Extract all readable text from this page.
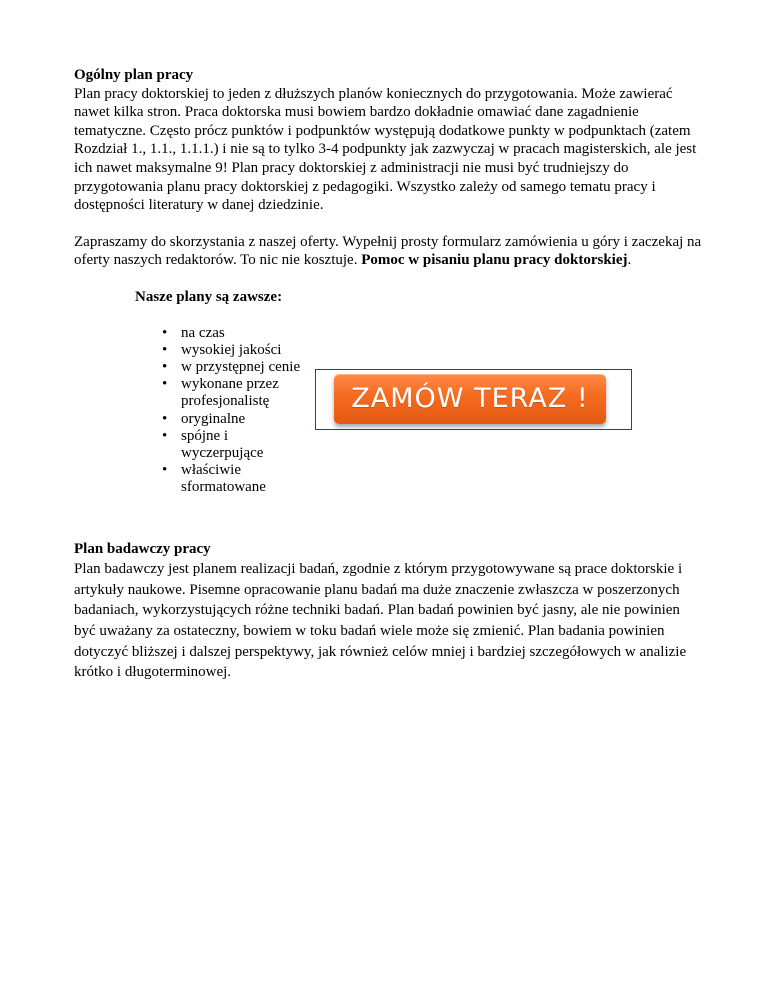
Ogólny plan pracy

Plan pracy doktorskiej to jeden z dłuższych planów koniecznych do przygotowania. Może zawierać nawet kilka stron. Praca doktorska musi bowiem bardzo dokładnie omawiać dane zagadnienie tematyczne. Często prócz punktów i podpunktów występują dodatkowe punkty w podpunktach (zatem Rozdział 1., 1.1., 1.1.1.) i nie są to tylko 3-4 podpunkty jak zazwyczaj w pracach magisterskich, ale jest ich nawet maksymalne 9! Plan pracy doktorskiej z administracji nie musi być trudniejszy do przygotowania planu pracy doktorskiej z pedagogiki. Wszystko zależy od samego tematu pracy i dostępności literatury w danej dziedzinie.

Zapraszamy do skorzystania z naszej oferty. Wypełnij prosty formularz zamówienia u góry i zaczekaj na oferty naszych redaktorów. To nic nie kosztuje. Pomoc w pisaniu planu pracy doktorskiej.

Nasze plany są zawsze:
• na czas
• wysokiej jakości
• w przystępnej cenie
• wykonane przez profesjonalistę
• oryginalne
• spójne i wyczerpujące
• właściwie sformatowane
ZAMÓW TERAZ !
Plan badawczy pracy

Plan badawczy jest planem realizacji badań, zgodnie z którym przygotowywane są prace doktorskie i artykuły naukowe. Pisemne opracowanie planu badań ma duże znaczenie zwłaszcza w poszerzonych badaniach, wykorzystujących różne techniki badań. Plan badań powinien być jasny, ale nie powinien być uważany za ostateczny, bowiem w toku badań wiele może się zmienić. Plan badania powinien dotyczyć bliższej i dalszej perspektywy, jak również celów mniej i bardziej szczegółowych w analizie krótko i długoterminowej.
